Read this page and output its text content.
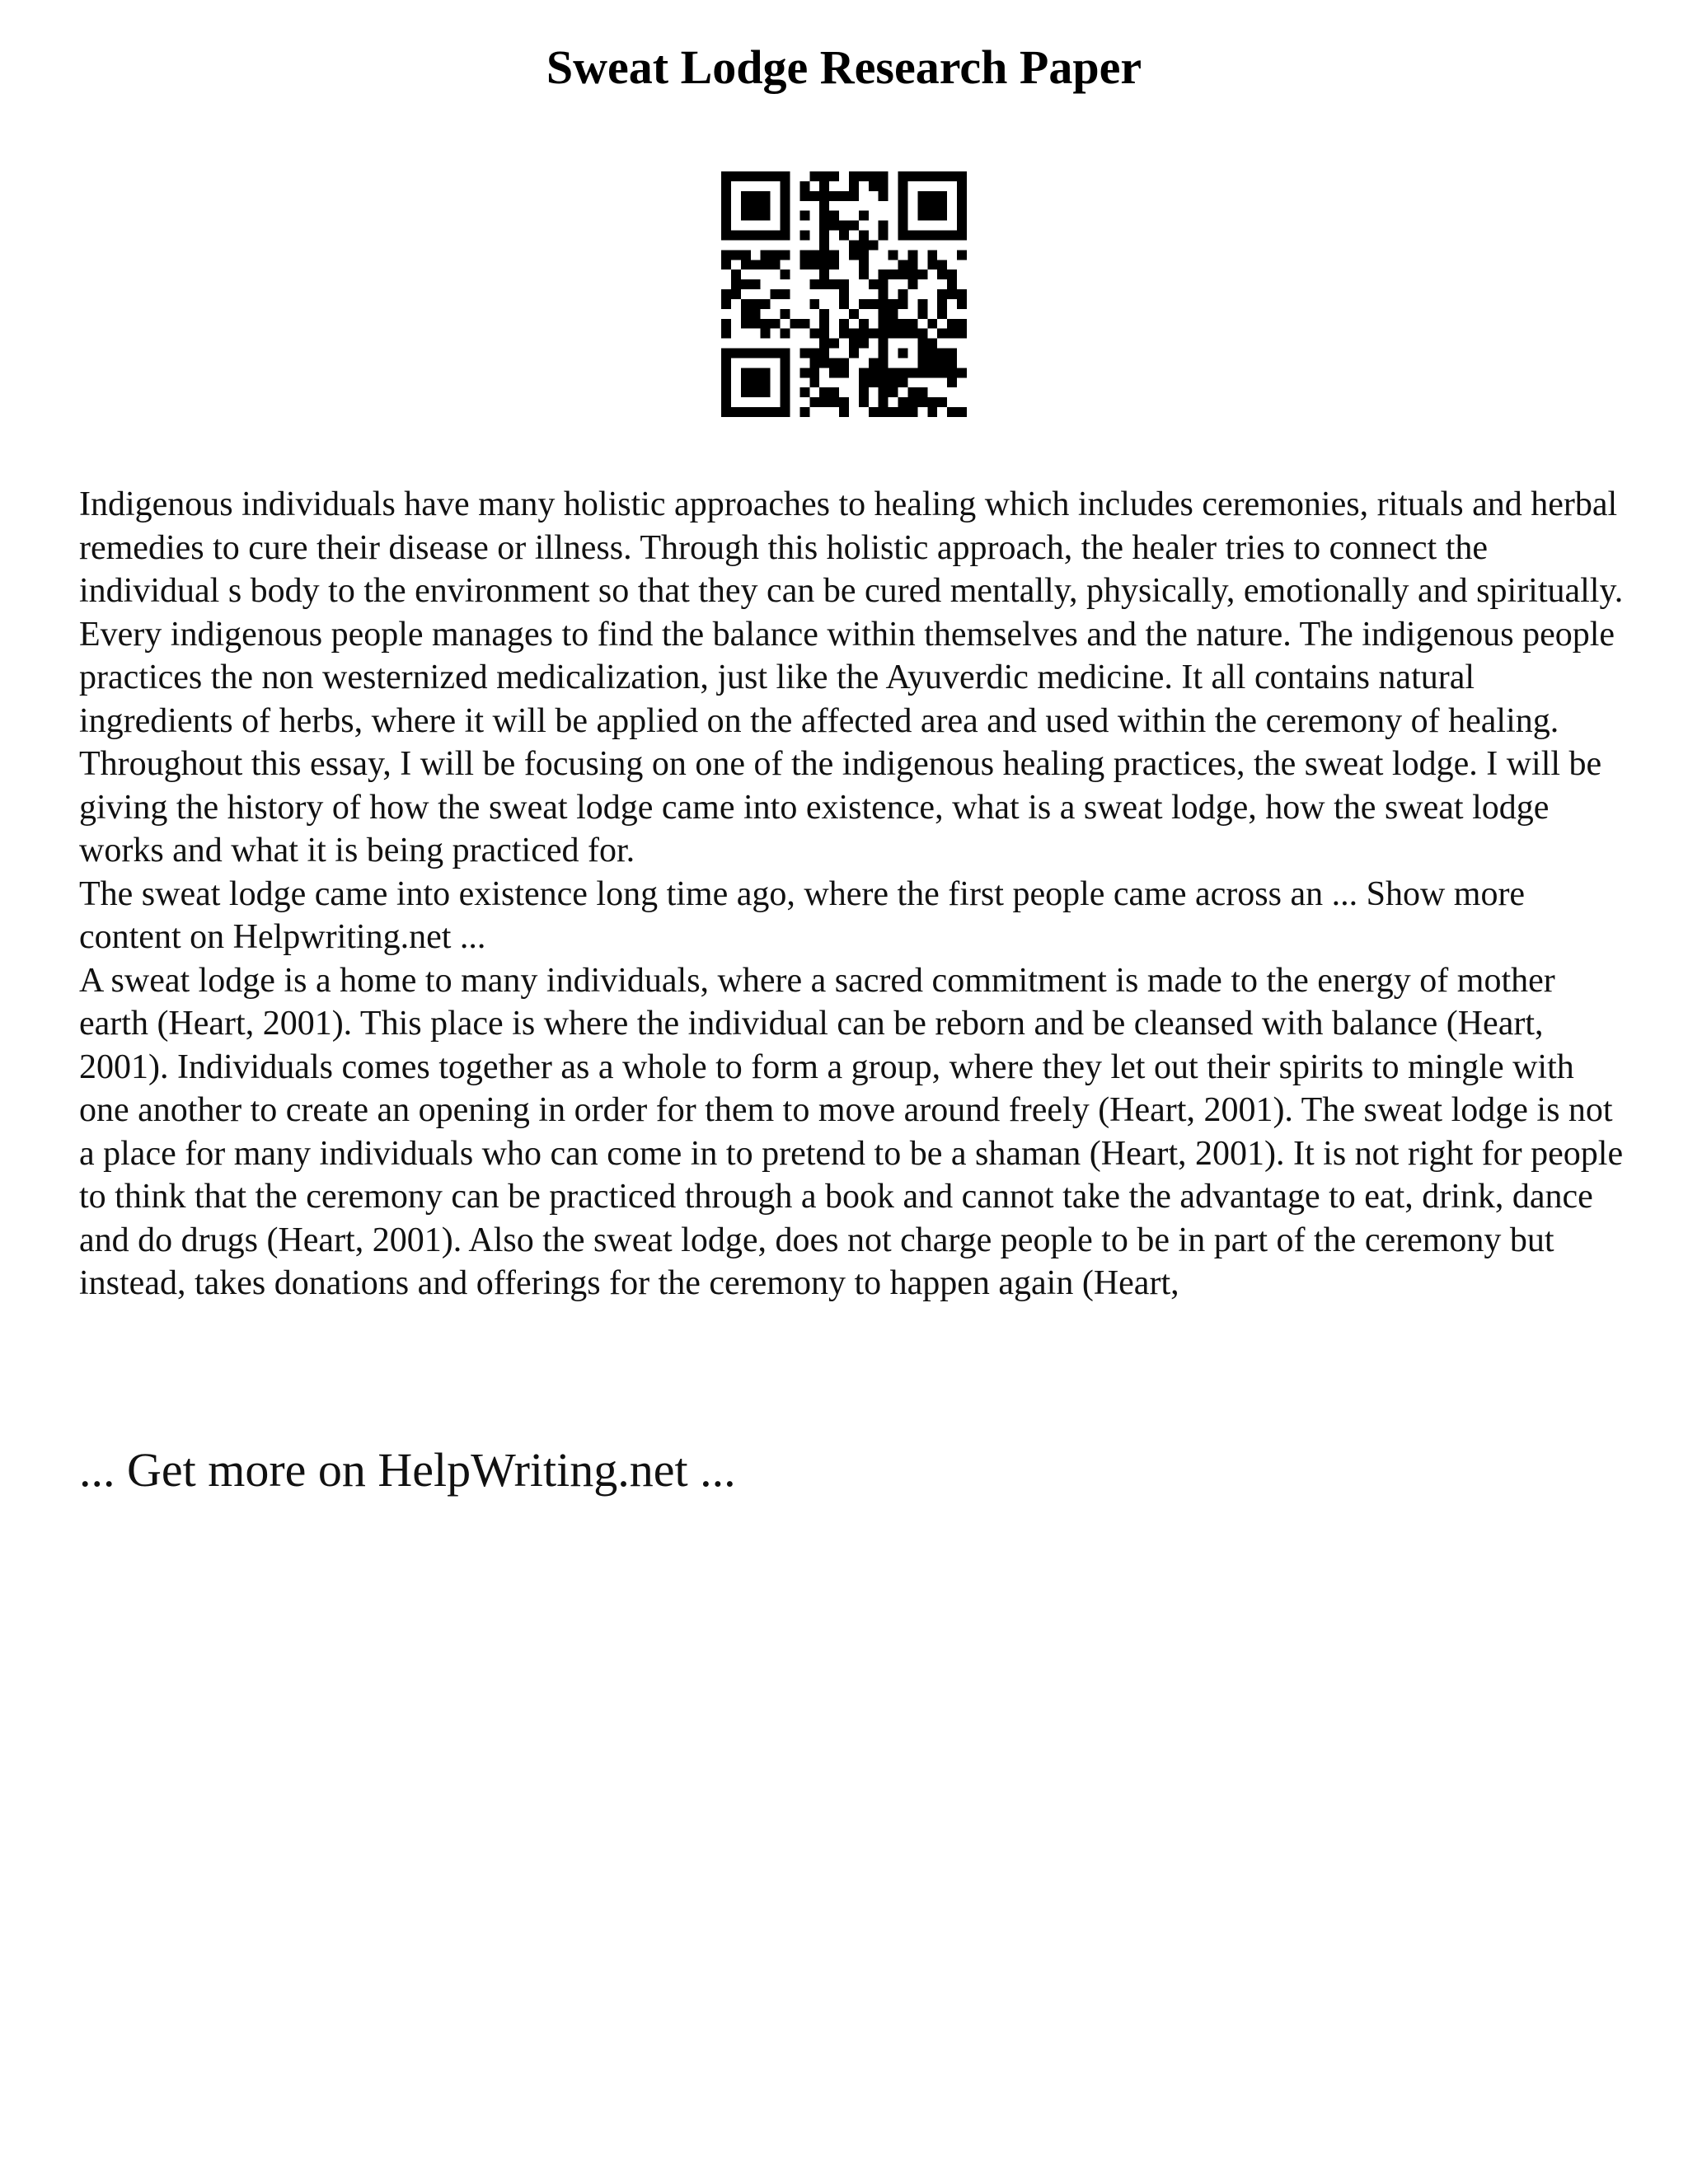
Sweat Lodge Research Paper

Indigenous individuals have many holistic approaches to healing which includes ceremonies, rituals and herbal remedies to cure their disease or illness. Through this holistic approach, the healer tries to connect the individual s body to the environment so that they can be cured mentally, physically, emotionally and spiritually. Every indigenous people manages to find the balance within themselves and the nature. The indigenous people practices the non westernized medicalization, just like the Ayuverdic medicine. It all contains natural ingredients of herbs, where it will be applied on the affected area and used within the ceremony of healing. Throughout this essay, I will be focusing on one of the indigenous healing practices, the sweat lodge. I will be giving the history of how the sweat lodge came into existence, what is a sweat lodge, how the sweat lodge works and what it is being practiced for.

The sweat lodge came into existence long time ago, where the first people came across an ... Show more content on Helpwriting.net ...

A sweat lodge is a home to many individuals, where a sacred commitment is made to the energy of mother earth (Heart, 2001). This place is where the individual can be reborn and be cleansed with balance (Heart, 2001). Individuals comes together as a whole to form a group, where they let out their spirits to mingle with one another to create an opening in order for them to move around freely (Heart, 2001). The sweat lodge is not a place for many individuals who can come in to pretend to be a shaman (Heart, 2001). It is not right for people to think that the ceremony can be practiced through a book and cannot take the advantage to eat, drink, dance and do drugs (Heart, 2001). Also the sweat lodge, does not charge people to be in part of the ceremony but instead, takes donations and offerings for the ceremony to happen again (Heart,

... Get more on HelpWriting.net ...
